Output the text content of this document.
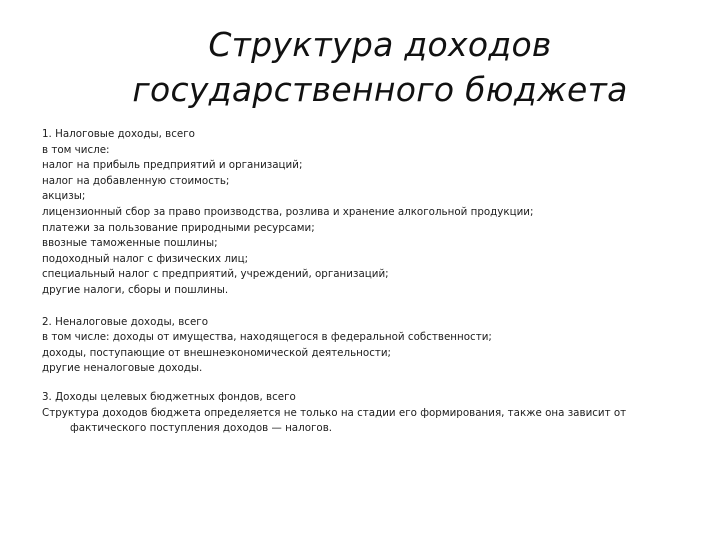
Структура доходов
государственного бюджета
1. Налоговые доходы, всего
в том числе:
налог на прибыль предприятий и организаций;
налог на добавленную стоимость;
акцизы;
лицензионный сбор за право производства, розлива и хранение алкогольной продукции;
платежи за пользование природными ресурсами;
ввозные таможенные пошлины;
подоходный налог с физических лиц;
специальный налог с предприятий, учреждений, организаций;
другие налоги, сборы и пошлины.
2. Неналоговые доходы, всего
в том числе: доходы от имущества, находящегося в федеральной собственности;
доходы, поступающие от внешнеэкономической деятельности;
другие неналоговые доходы.
3. Доходы целевых бюджетных фондов, всего
Структура доходов бюджета определяется не только на стадии его формирования, также она зависит от фактического поступления доходов — налогов.
